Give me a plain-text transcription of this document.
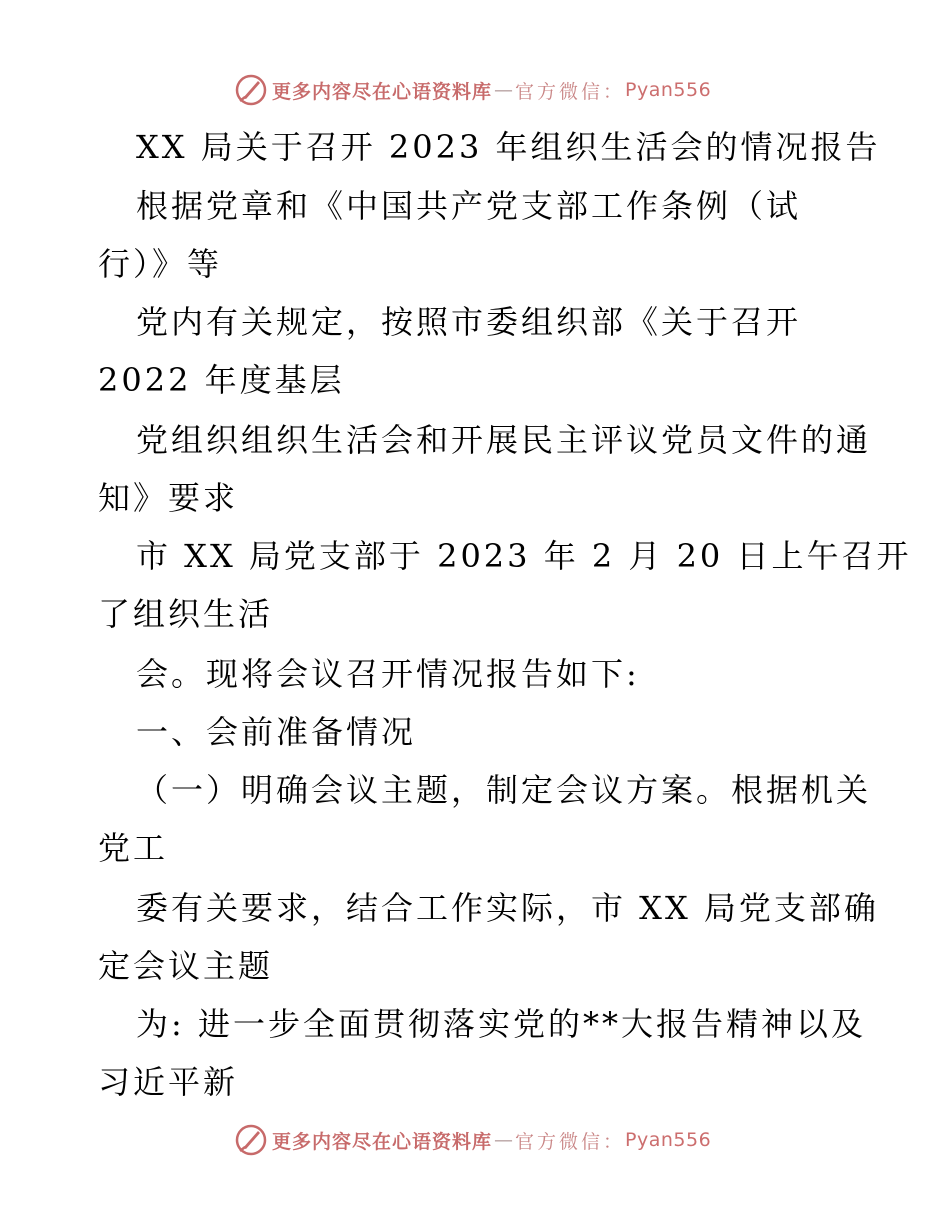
更多内容尽在心语资料库 — 官方微信： Pyan556
XX 局关于召开 2023 年组织生活会的情况报告
根据党章和《中国共产党支部工作条例（试
行）》等
党内有关规定，按照市委组织部《关于召开
2022 年度基层
党组织组织生活会和开展民主评议党员文件的通
知》要求
市 XX 局党支部于 2023 年 2 月 20 日上午召开
了组织生活
会。现将会议召开情况报告如下:
一、会前准备情况
（一）明确会议主题，制定会议方案。根据机关
党工
委有关要求，结合工作实际，市 XX 局党支部确
定会议主题
为: 进一步全面贯彻落实党的**大报告精神以及
习近平新
更多内容尽在心语资料库 — 官方微信： Pyan556
